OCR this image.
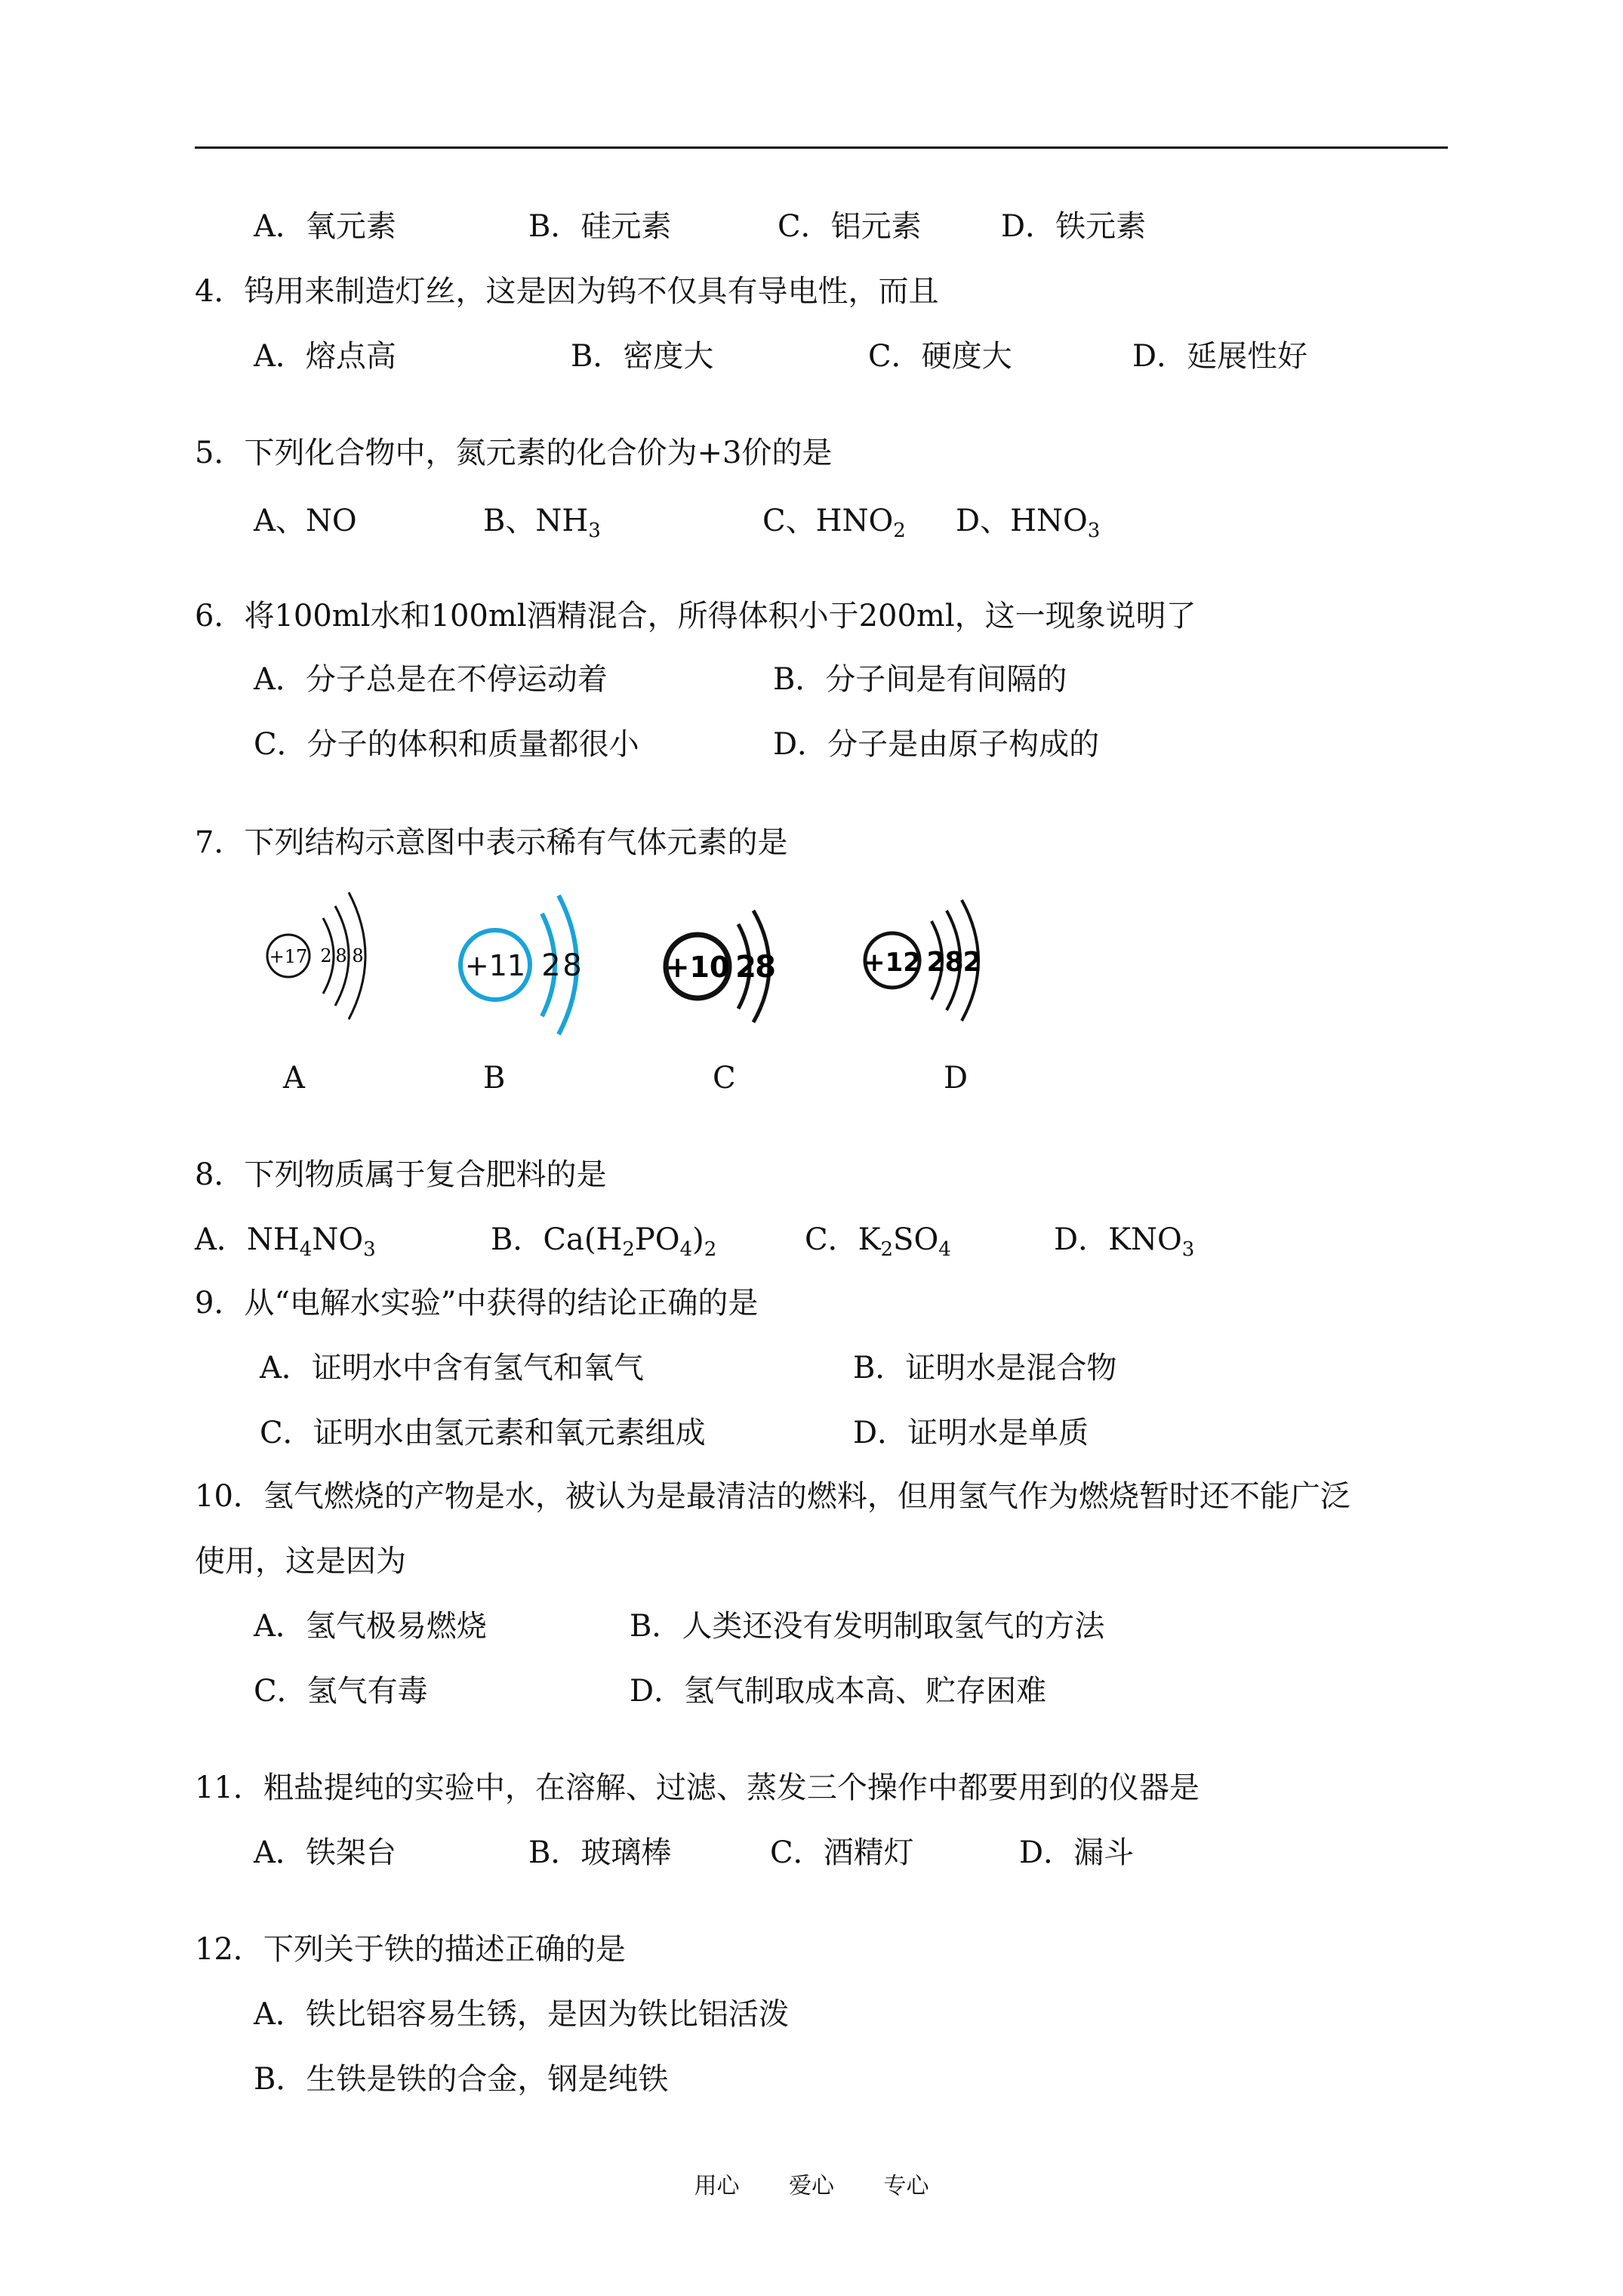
A．氧元素	B．硅元素	C．铝元素	D．铁元素
4．钨用来制造灯丝，这是因为钨不仅具有导电性，而且
A．熔点高	B．密度大	C．硬度大	D．延展性好
5．下列化合物中，氮元素的化合价为+3价的是
A、NO	B、$NH_3$	C、$HNO_2$ D、$HNO_3$
6．将100ml水和100ml酒精混合，所得体积小于200ml，这一现象说明了
A．分子总是在不停运动着	B．分子间是有间隔的
C．分子的体积和质量都很小	D．分子是由原子构成的
7．下列结构示意图中表示稀有气体元素的是
+17 2 8 8
A
+11 2 8
B
+10 2
8
C
+12 2
8
2
D
8．下列物质属于复合肥料的是
A．$NH_4NO_3$	B．$Ca(H_2PO_4)_2$	C．$K_2SO_4$	D．$KNO_3$
9．从“电解水实验”中获得的结论正确的是
A．证明水中含有氢气和氧气	B．证明水是混合物
C．证明水由氢元素和氧元素组成	D．证明水是单质
10．氢气燃烧的产物是水，被认为是最清洁的燃料，但用氢气作为燃烧暂时还不能广泛
使用，这是因为
A．氢气极易燃烧	B．人类还没有发明制取氢气的方法
C．氢气有毒	D．氢气制取成本高、贮存困难
11．粗盐提纯的实验中，在溶解、过滤、蒸发三个操作中都要用到的仪器是
A．铁架台	B．玻璃棒	C．酒精灯	D．漏斗
12．下列关于铁的描述正确的是
A．铁比铝容易生锈，是因为铁比铝活泼
B．生铁是铁的合金，钢是纯铁
用心 爱心 专心
